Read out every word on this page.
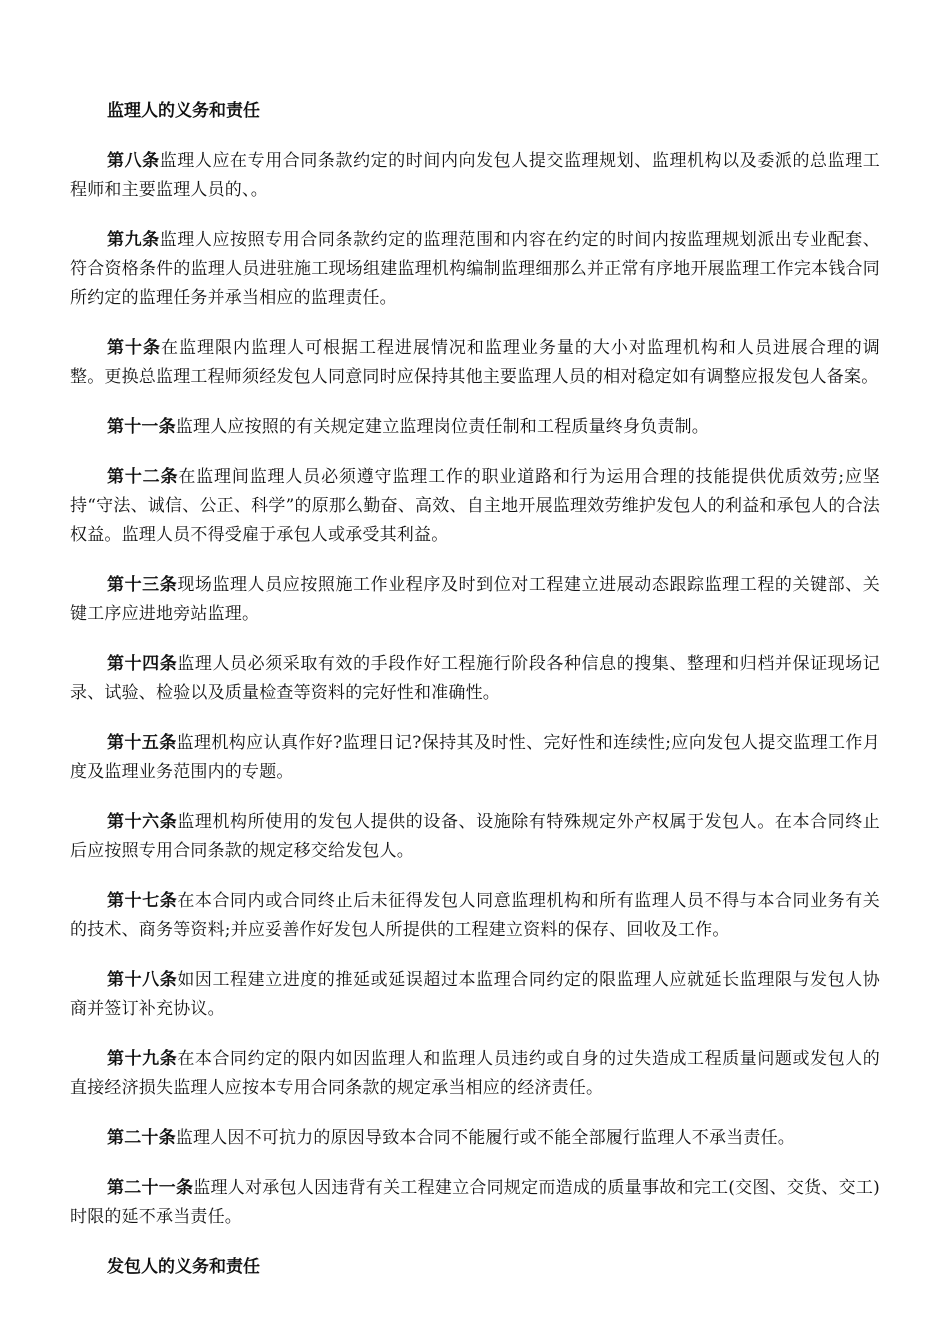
监理人的义务和责任

第八条监理人应在专用合同条款约定的时间内向发包人提交监理规划、监理机构以及委派的总监理工程师和主要监理人员的、。

第九条监理人应按照专用合同条款约定的监理范围和内容在约定的时间内按监理规划派出专业配套、符合资格条件的监理人员进驻施工现场组建监理机构编制监理细那么并正常有序地开展监理工作完本钱合同所约定的监理任务并承当相应的监理责任。

第十条在监理限内监理人可根据工程进展情况和监理业务量的大小对监理机构和人员进展合理的调整。更换总监理工程师须经发包人同意同时应保持其他主要监理人员的相对稳定如有调整应报发包人备案。

第十一条监理人应按照的有关规定建立监理岗位责任制和工程质量终身负责制。

第十二条在监理间监理人员必须遵守监理工作的职业道路和行为运用合理的技能提供优质效劳;应坚持“守法、诚信、公正、科学”的原那么勤奋、高效、自主地开展监理效劳维护发包人的利益和承包人的合法权益。监理人员不得受雇于承包人或承受其利益。

第十三条现场监理人员应按照施工作业程序及时到位对工程建立进展动态跟踪监理工程的关键部、关键工序应进地旁站监理。

第十四条监理人员必须采取有效的手段作好工程施行阶段各种信息的搜集、整理和归档并保证现场记录、试验、检验以及质量检查等资料的完好性和准确性。

第十五条监理机构应认真作好?监理日记?保持其及时性、完好性和连续性;应向发包人提交监理工作月度及监理业务范围内的专题。

第十六条监理机构所使用的发包人提供的设备、设施除有特殊规定外产权属于发包人。在本合同终止后应按照专用合同条款的规定移交给发包人。

第十七条在本合同内或合同终止后未征得发包人同意监理机构和所有监理人员不得与本合同业务有关的技术、商务等资料;并应妥善作好发包人所提供的工程建立资料的保存、回收及工作。

第十八条如因工程建立进度的推延或延误超过本监理合同约定的限监理人应就延长监理限与发包人协商并签订补充协议。

第十九条在本合同约定的限内如因监理人和监理人员违约或自身的过失造成工程质量问题或发包人的直接经济损失监理人应按本专用合同条款的规定承当相应的经济责任。

第二十条监理人因不可抗力的原因导致本合同不能履行或不能全部履行监理人不承当责任。

第二十一条监理人对承包人因违背有关工程建立合同规定而造成的质量事故和完工(交图、交货、交工)时限的延不承当责任。

发包人的义务和责任
